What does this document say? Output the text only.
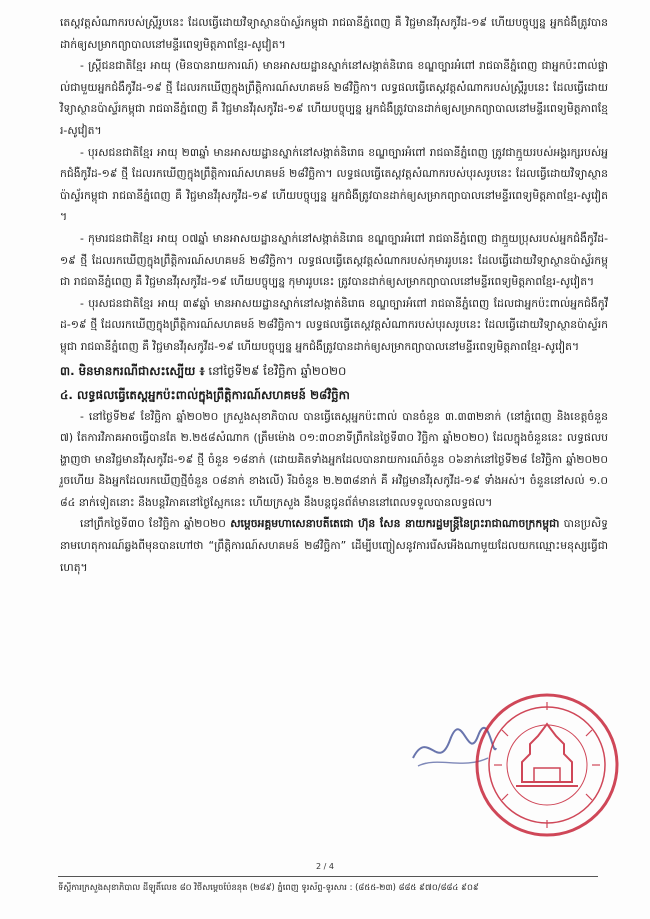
តេស្តវត្តសំណាករបស់ស្ត្រីរូបនេះ ដែលធ្វើដោយវិទ្យាស្ថានប៉ាស្ទ័រកម្ពុជា រាជធានីភ្នំពេញ គឺ វិជ្ជមានវីរុសកូវីដ-១៩ ហើយបច្ចុប្បន្ន អ្នកជំងឺត្រូវបានដាក់ឲ្យសម្រាកព្យាបាលនៅមន្ទីរពេទ្យមិត្តភាពខ្មែរ-សូវៀត។

- ស្ត្រីជនជាតិខ្មែរ អាយុ (មិនបានរាយការណ៍) មានអាសយដ្ឋានស្នាក់នៅសង្កាត់និរោធ ខណ្ឌច្បារអំពៅ រាជធានីភ្នំពេញ ជាអ្នកប៉ះពាល់ផ្ទាល់ជាមួយអ្នកជំងឺកូវីដ-១៩ ថ្មី ដែលរកឃើញក្នុងព្រឹត្តិការណ៍សហគមន៍ ២៨វិច្ឆិកា។ លទ្ធផលធ្វើតេស្តវត្តសំណាករបស់ស្ត្រីរូបនេះ ដែលធ្វើដោយវិទ្យាស្ថានប៉ាស្ទ័រកម្ពុជា រាជធានីភ្នំពេញ គឺ វិជ្ជមានវីរុសកូវីដ-១៩ ហើយបច្ចុប្បន្ន អ្នកជំងឺត្រូវបានដាក់ឲ្យសម្រាកព្យាបាលនៅមន្ទីរពេទ្យមិត្តភាពខ្មែរ-សូវៀត។

- បុរសជនជាតិខ្មែរ អាយុ ២៣ឆ្នាំ មានអាសយដ្ឋានស្នាក់នៅសង្កាត់និរោធ ខណ្ឌច្បារអំពៅ រាជធានីភ្នំពេញ ត្រូវជាក្មួយរបស់អង្គរក្សរបស់អ្នកជំងឺកូវីដ-១៩ ថ្មី ដែលរកឃើញក្នុងព្រឹត្តិការណ៍សហគមន៍ ២៨វិច្ឆិកា។ លទ្ធផលធ្វើតេស្តវត្តសំណាករបស់បុរសរូបនេះ ដែលធ្វើដោយវិទ្យាស្ថានប៉ាស្ទ័រកម្ពុជា រាជធានីភ្នំពេញ គឺ វិជ្ជមានវីរុសកូវីដ-១៩ ហើយបច្ចុប្បន្ន អ្នកជំងឺត្រូវបានដាក់ឲ្យសម្រាកព្យាបាលនៅមន្ទីរពេទ្យមិត្តភាពខ្មែរ-សូវៀត។

- កុមារជនជាតិខ្មែរ អាយុ ០៧ឆ្នាំ មានអាសយដ្ឋានស្នាក់នៅសង្កាត់និរោធ ខណ្ឌច្បារអំពៅ រាជធានីភ្នំពេញ ជាក្មួយប្រុសរបស់អ្នកជំងឺកូវីដ-១៩ ថ្មី ដែលរកឃើញក្នុងព្រឹត្តិការណ៍សហគមន៍ ២៨វិច្ឆិកា។ លទ្ធផលធ្វើតេស្តវត្តសំណាករបស់កុមាររូបនេះ ដែលធ្វើដោយវិទ្យាស្ថានប៉ាស្ទ័រកម្ពុជា រាជធានីភ្នំពេញ គឺ វិជ្ជមានវីរុសកូវីដ-១៩ ហើយបច្ចុប្បន្ន កុមាររូបនេះ ត្រូវបានដាក់ឲ្យសម្រាកព្យាបាលនៅមន្ទីរពេទ្យមិត្តភាពខ្មែរ-សូវៀត។

- បុរសជនជាតិខ្មែរ អាយុ ៣៩ឆ្នាំ មានអាសយដ្ឋានស្នាក់នៅសង្កាត់និរោធ ខណ្ឌច្បារអំពៅ រាជធានីភ្នំពេញ ដែលជាអ្នកប៉ះពាល់អ្នកជំងឺកូវីដ-១៩ ថ្មី ដែលរកឃើញក្នុងព្រឹត្តិការណ៍សហគមន៍ ២៨វិច្ឆិកា។ លទ្ធផលធ្វើតេស្តវត្តសំណាករបស់បុរសរូបនេះ ដែលធ្វើដោយវិទ្យាស្ថានប៉ាស្ទ័រកម្ពុជា រាជធានីភ្នំពេញ គឺ វិជ្ជមានវីរុសកូវីដ-១៩ ហើយបច្ចុប្បន្ន អ្នកជំងឺត្រូវបានដាក់ឲ្យសម្រាកព្យាបាលនៅមន្ទីរពេទ្យមិត្តភាពខ្មែរ-សូវៀត។

៣. មិនមានករណីជាសះស្បើយ ៖ នៅថ្ងៃទី២៩ ខែវិច្ឆិកា ឆ្នាំ២០២០

៤. លទ្ធផលធ្វើតេស្តអ្នកប៉ះពាល់ក្នុងព្រឹត្តិការណ៍សហគមន៍ ២៨វិច្ឆិកា

- នៅថ្ងៃទី២៩ ខែវិច្ឆិកា ឆ្នាំ២០២០ ក្រសួងសុខាភិបាល បានធ្វើតេស្តអ្នកប៉ះពាល់ បានចំនួន ៣.៣៣២នាក់ (នៅភ្នំពេញ និងខេត្តចំនួន ៧) តែការវិភាគអាចធ្វើបានតែ ២.២៥៨សំណាក (ត្រឹមម៉ោង ០១:៣០នាទីព្រឹកនៃថ្ងៃទី៣០ វិច្ឆិកា ឆ្នាំ២០២០) ដែលក្នុងចំនួននេះ លទ្ធផលបង្ហាញថា មានវិជ្ជមានវីរុសកូវីដ-១៩ ថ្មី ចំនួន ១៨នាក់ (ដោយគិតទាំងអ្នកដែលបានរាយការណ៍ចំនួន ០៦នាក់នៅថ្ងៃទី២៨ ខែវិច្ឆិកា ឆ្នាំ២០២០ រួចហើយ និងអ្នកដែលរកឃើញថ្មីចំនួន ០៨នាក់ ខាងលើ) រីឯចំនួន ២.២៣៨នាក់ គឺ អវិជ្ជមានវីរុសកូវីដ-១៩ ទាំងអស់។ ចំនួននៅសល់ ១.០៨៤ នាក់ទៀតនោះ នឹងបន្តវិភាគនៅថ្ងៃស្អែកនេះ ហើយក្រសួង នឹងបន្តជូនព័ត៌មាននៅពេលទទួលបានលទ្ធផល។

នៅព្រឹកថ្ងៃទី៣០ ខែវិច្ឆិកា ឆ្នាំ២០២០ សម្តេចអគ្គមហាសេនាបតីតេជោ ហ៊ុន សែន នាយករដ្ឋមន្ត្រីនៃព្រះរាជាណាចក្រកម្ពុជា បានប្រសិទ្ធនាមហេតុការណ៍ឆ្លងពីមុនបានហៅថា “ព្រឹត្តិការណ៍សហគមន៍ ២៨វិច្ឆិកា” ដើម្បីបញ្ចៀសនូវការរើសអើងណាមួយដែលយកឈ្មោះមនុស្សធ្វើជាហេតុ។

2 / 4
ទីស្តីការក្រសួងសុខាភិបាល ដីឡូតិ៍លេខ ៨០ វិថីសម្តេចប៉ែននុត (២៨៩) ភ្នំពេញ ទូរស័ព្ទ-ទូរសារ : (៨៥៥-២៣) ៨៨៥ ៩៧០/៨៨៤ ៩០៩
